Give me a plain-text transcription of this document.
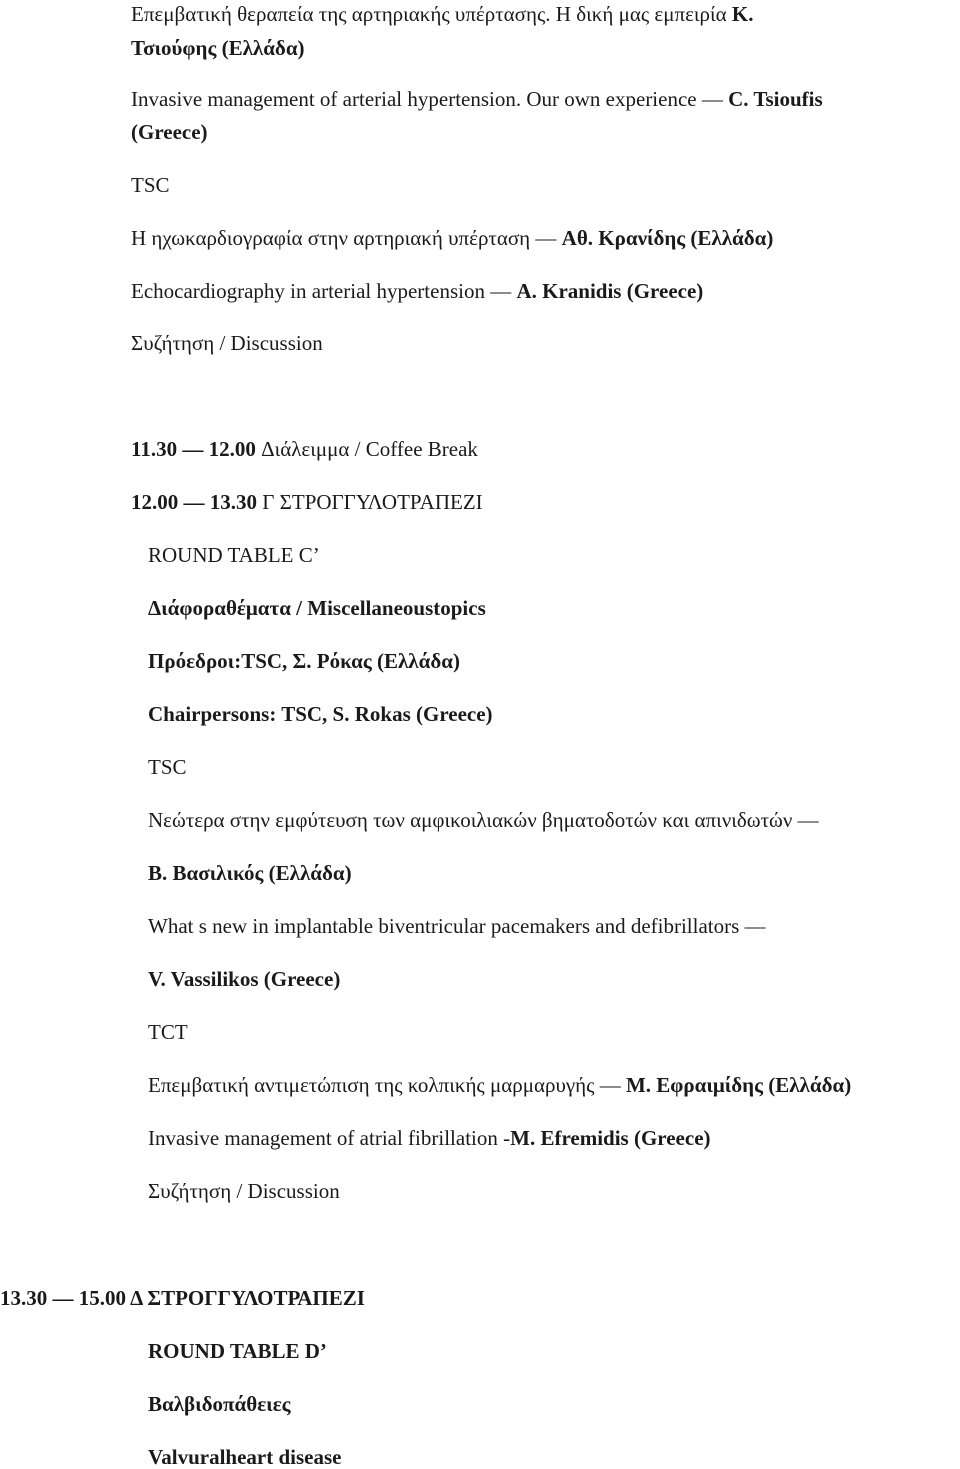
Επεμβατική θεραπεία της αρτηριακής υπέρτασης. Η δική μας εμπειρία Κ.
Τσιούφης (Ελλάδα)
Invasive management of arterial hypertension. Our own experience — C. Tsioufis
(Greece)
TSC
Η ηχωκαρδιογραφία στην αρτηριακή υπέρταση — Αθ. Κρανίδης (Ελλάδα)
Echocardiography in arterial hypertension — A. Kranidis (Greece)
Συζήτηση / Discussion
11.30 — 12.00 Διάλειμμα / Coffee Break
12.00 — 13.30 Γ ΣΤΡΟΓΓΥΛΟΤΡΑΠΕΖΙ
ROUND TABLE C’
Διάφοραθέματα / Miscellaneoustopics
Πρόεδροι:TSC, Σ. Ρόκας (Ελλάδα)
Chairpersons: TSC, S. Rokas (Greece)
TSC
Νεώτερα στην εμφύτευση των αμφικοιλιακών βηματοδοτών και απινιδωτών —
Β. Βασιλικός (Ελλάδα)
What s new in implantable biventricular pacemakers and defibrillators —
V. Vassilikos (Greece)
TCT
Επεμβατική αντιμετώπιση της κολπικής μαρμαρυγής — Μ. Εφραιμίδης (Ελλάδα)
Invasive management of atrial fibrillation -M. Efremidis (Greece)
Συζήτηση / Discussion
13.30 — 15.00 Δ ΣΤΡΟΓΓΥΛΟΤΡΑΠΕΖΙ
ROUND TABLE D’
Βαλβιδοπάθειες
Valvuralheart disease
